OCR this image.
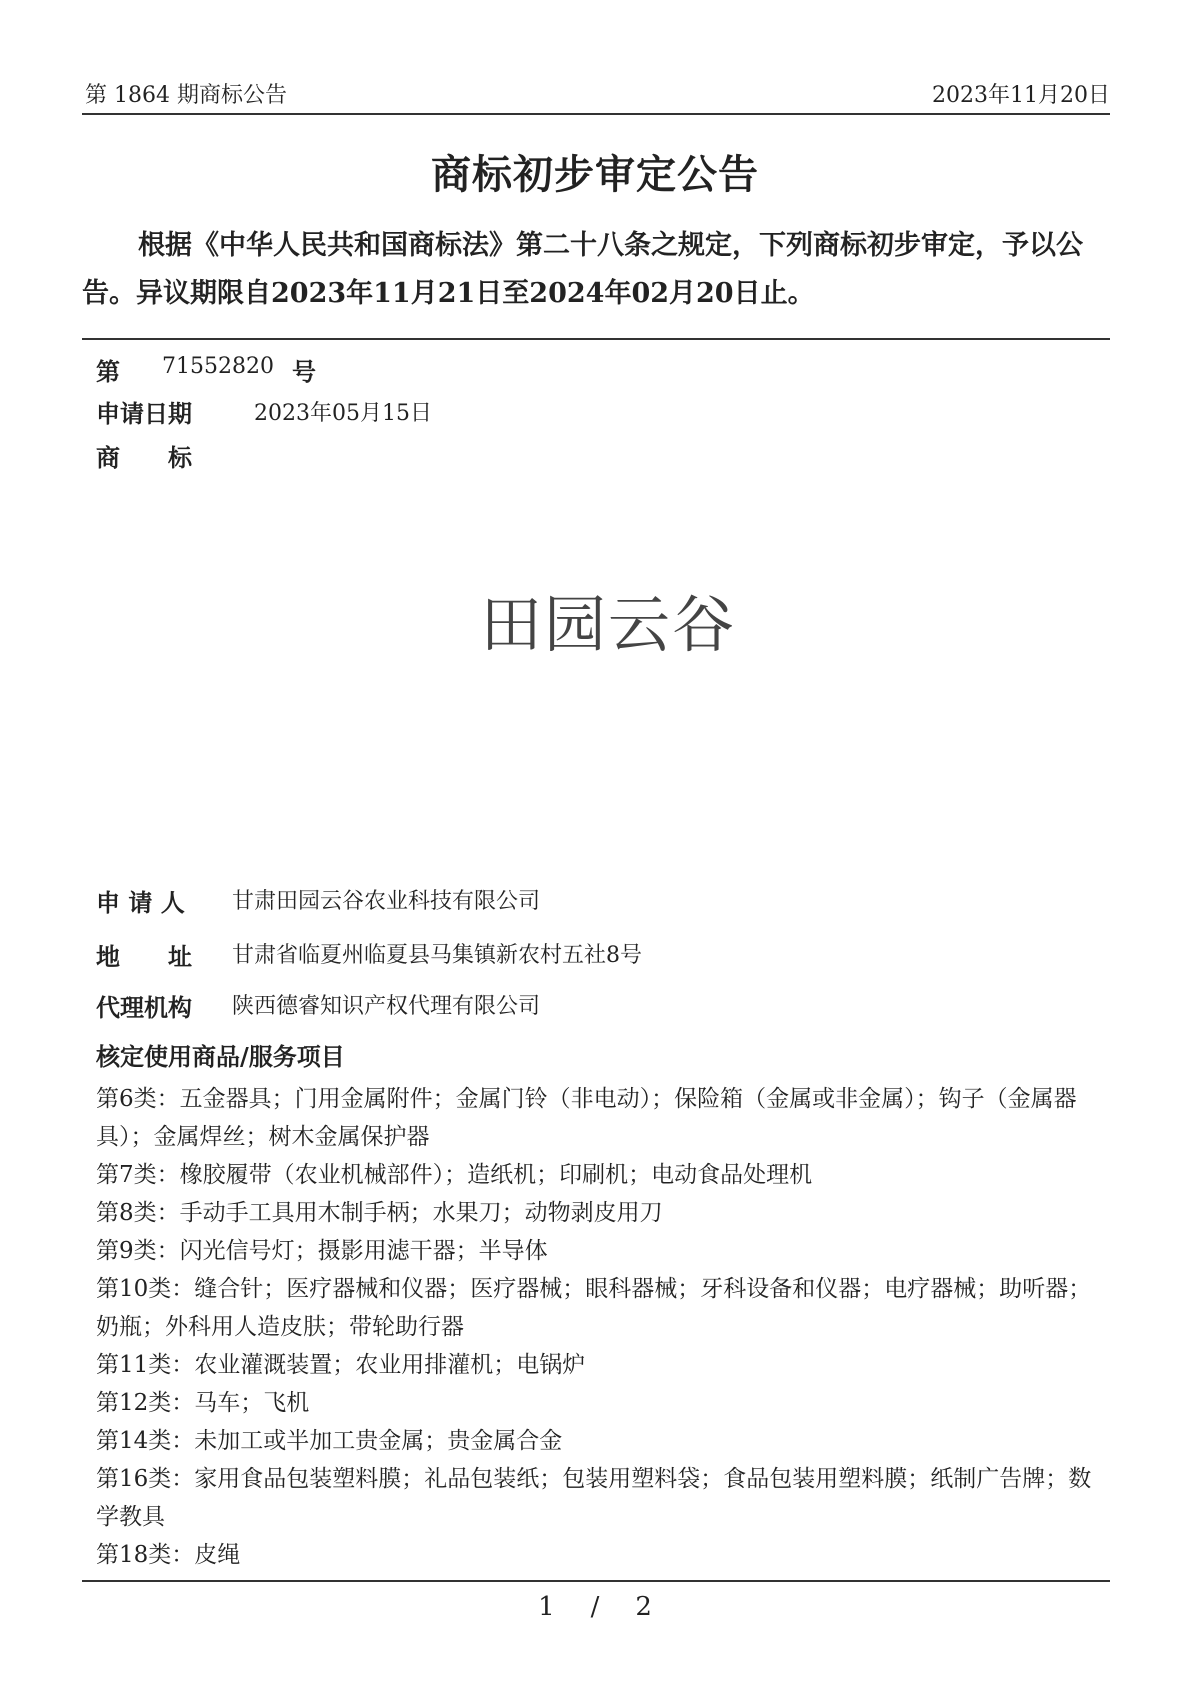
第 1864 期商标公告	2023年11月20日
商标初步审定公告
根据《中华人民共和国商标法》第二十八条之规定，下列商标初步审定，予以公告。异议期限自2023年11月21日至2024年02月20日止。
第 71552820 号
申请日期	2023年05月15日
商　　标
田园云谷
申 请 人 甘肃田园云谷农业科技有限公司
地　　址 甘肃省临夏州临夏县马集镇新农村五社8号
代理机构 陕西德睿知识产权代理有限公司
核定使用商品/服务项目
第6类：五金器具；门用金属附件；金属门铃（非电动）；保险箱（金属或非金属）；钩子（金属器具）；金属焊丝；树木金属保护器
第7类：橡胶履带（农业机械部件）；造纸机；印刷机；电动食品处理机
第8类：手动手工具用木制手柄；水果刀；动物剥皮用刀
第9类：闪光信号灯；摄影用滤干器；半导体
第10类：缝合针；医疗器械和仪器；医疗器械；眼科器械；牙科设备和仪器；电疗器械；助听器；奶瓶；外科用人造皮肤；带轮助行器
第11类：农业灌溉装置；农业用排灌机；电锅炉
第12类：马车；飞机
第14类：未加工或半加工贵金属；贵金属合金
第16类：家用食品包装塑料膜；礼品包装纸；包装用塑料袋；食品包装用塑料膜；纸制广告牌；数学教具
第18类：皮绳
1 / 2
